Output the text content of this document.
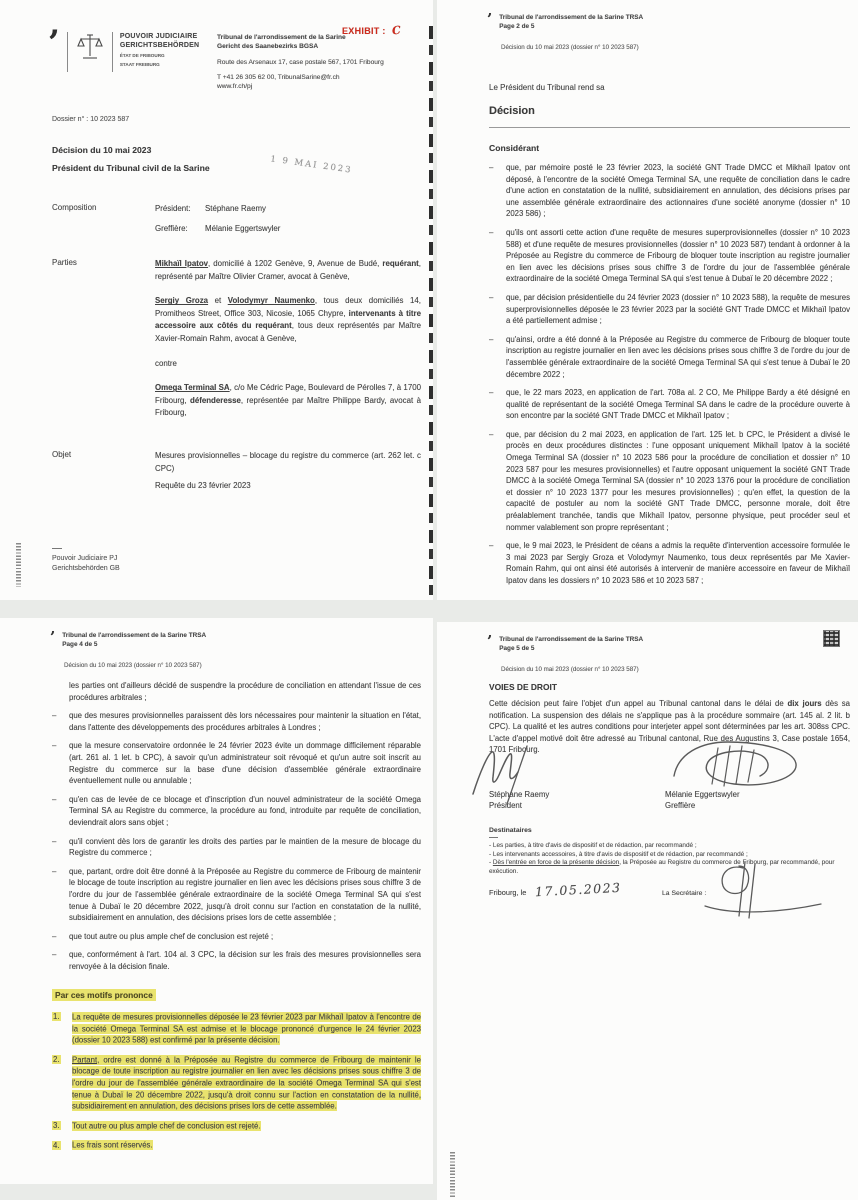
’	POUVOIR JUDICIAIRE
GERICHTSBEHÖRDEN
ÉTAT DE FRIBOURG
STAAT FREIBURG
Tribunal de l'arrondissement de la Sarine
Gericht des Saanebezirks BGSA
Route des Arsenaux 17, case postale 567, 1701 Fribourg
T +41 26 305 62 00, TribunalSarine@fr.ch
www.fr.ch/pj
EXHIBIT : C
Dossier n° : 10 2023 587
Décision du 10 mai 2023
Président du Tribunal civil de la Sarine	1 9 MAI 2023
Composition	Président:	Stéphane Raemy
Greffière:	Mélanie Eggertswyler
Parties	Mikhaïl Ipatov, domicilié à 1202 Genève, 9, Avenue de Budé, requérant, représenté par Maître Olivier Cramer, avocat à Genève,
Sergiy Groza et Volodymyr Naumenko, tous deux domiciliés 14, Promitheos Street, Office 303, Nicosie, 1065 Chypre, intervenants à titre accessoire aux côtés du requérant, tous deux représentés par Maître Xavier-Romain Rahm, avocat à Genève,
contre
Omega Terminal SA, c/o Me Cédric Page, Boulevard de Pérolles 7, à 1700 Fribourg, défenderesse, représentée par Maître Philippe Bardy, avocat à Fribourg,
Objet	Mesures provisionnelles – blocage du registre du commerce (art. 262 let. c CPC)
Requête du 23 février 2023
Pouvoir Judiciaire PJ
Gerichtsbehörden GB
’ Tribunal de l'arrondissement de la Sarine TRSA
Page 2 de 5
Décision du 10 mai 2023 (dossier n° 10 2023 587)
Le Président du Tribunal rend sa
Décision
Considérant
–	que, par mémoire posté le 23 février 2023, la société GNT Trade DMCC et Mikhaïl Ipatov ont déposé, à l'encontre de la société Omega Terminal SA, une requête de conciliation dans le cadre d'une action en constatation de la nullité, subsidiairement en annulation, des décisions prises par une assemblée générale extraordinaire des actionnaires d'une société anonyme (dossier n° 10 2023 586) ;
–	qu'ils ont assorti cette action d'une requête de mesures superprovisionnelles (dossier n° 10 2023 588) et d'une requête de mesures provisionnelles (dossier n° 10 2023 587) tendant à ordonner à la Préposée au Registre du commerce de Fribourg de bloquer toute inscription au registre journalier en lien avec les décisions prises sous chiffre 3 de l'ordre du jour de l'assemblée générale extraordinaire de la société Omega Terminal SA qui s'est tenue à Dubaï le 20 décembre 2022 ;
–	que, par décision présidentielle du 24 février 2023 (dossier n° 10 2023 588), la requête de mesures superprovisionnelles déposée le 23 février 2023 par la société GNT Trade DMCC et Mikhaïl Ipatov a été partiellement admise ;
–	qu'ainsi, ordre a été donné à la Préposée au Registre du commerce de Fribourg de bloquer toute inscription au registre journalier en lien avec les décisions prises sous chiffre 3 de l'ordre du jour de l'assemblée générale extraordinaire de la société Omega Terminal SA qui s'est tenue à Dubaï le 20 décembre 2022 ;
–	que, le 22 mars 2023, en application de l'art. 708a al. 2 CO, Me Philippe Bardy a été désigné en qualité de représentant de la société Omega Terminal SA dans le cadre de la procédure ouverte à son encontre par la société GNT Trade DMCC et Mikhaïl Ipatov ;
–	que, par décision du 2 mai 2023, en application de l'art. 125 let. b CPC, le Président a divisé le procès en deux procédures distinctes : l'une opposant uniquement Mikhaïl Ipatov à la société Omega Terminal SA (dossier n° 10 2023 586 pour la procédure de conciliation et dossier n° 10 2023 587 pour les mesures provisionnelles) et l'autre opposant uniquement la société GNT Trade DMCC à la société Omega Terminal SA (dossier n° 10 2023 1376 pour la procédure de conciliation et dossier n° 10 2023 1377 pour les mesures provisionnelles) ; qu'en effet, la question de la capacité de postuler au nom la société GNT Trade DMCC, personne morale, doit être préalablement tranchée, tandis que Mikhaïl Ipatov, personne physique, peut procéder seul et nommer valablement son propre représentant ;
–	que, le 9 mai 2023, le Président de céans a admis la requête d'intervention accessoire formulée le 3 mai 2023 par Sergiy Groza et Volodymyr Naumenko, tous deux représentés par Me Xavier-Romain Rahm, qui ont ainsi été autorisés à intervenir de manière accessoire en faveur de Mikhaïl Ipatov dans les dossiers n° 10 2023 586 et 10 2023 587 ;
’ Tribunal de l'arrondissement de la Sarine TRSA
Page 4 de 5
Décision du 10 mai 2023 (dossier n° 10 2023 587)
les parties ont d'ailleurs décidé de suspendre la procédure de conciliation en attendant l'issue de ces procédures arbitrales ;
–	que des mesures provisionnelles paraissent dès lors nécessaires pour maintenir la situation en l'état, dans l'attente des développements des procédures arbitrales à Londres ;
–	que la mesure conservatoire ordonnée le 24 février 2023 évite un dommage difficilement réparable (art. 261 al. 1 let. b CPC), à savoir qu'un administrateur soit révoqué et qu'un autre soit inscrit au Registre du commerce sur la base d'une décision d'assemblée générale extraordinaire éventuellement nulle ou annulable ;
–	qu'en cas de levée de ce blocage et d'inscription d'un nouvel administrateur de la société Omega Terminal SA au Registre du commerce, la procédure au fond, introduite par requête de conciliation, deviendrait alors sans objet ;
–	qu'il convient dès lors de garantir les droits des parties par le maintien de la mesure de blocage du Registre du commerce ;
–	que, partant, ordre doit être donné à la Préposée au Registre du commerce de Fribourg de maintenir le blocage de toute inscription au registre journalier en lien avec les décisions prises sous chiffre 3 de l'ordre du jour de l'assemblée générale extraordinaire de la société Omega Terminal SA qui s'est tenue à Dubaï le 20 décembre 2022, jusqu'à droit connu sur l'action en constatation de la nullité, subsidiairement en annulation, des décisions prises lors de cette assemblée ;
–	que tout autre ou plus ample chef de conclusion est rejeté ;
–	que, conformément à l'art. 104 al. 3 CPC, la décision sur les frais des mesures provisionnelles sera renvoyée à la décision finale.
Par ces motifs prononce
1.	La requête de mesures provisionnelles déposée le 23 février 2023 par Mikhaïl Ipatov à l'encontre de la société Omega Terminal SA est admise et le blocage prononcé d'urgence le 24 février 2023 (dossier 10 2023 588) est confirmé par la présente décision.
2.	Partant, ordre est donné à la Préposée au Registre du commerce de Fribourg de maintenir le blocage de toute inscription au registre journalier en lien avec les décisions prises sous chiffre 3 de l'ordre du jour de l'assemblée générale extraordinaire de la société Omega Terminal SA qui s'est tenue à Dubaï le 20 décembre 2022, jusqu'à droit connu sur l'action en constatation de la nullité, subsidiairement en annulation, des décisions prises lors de cette assemblée.
3.	Tout autre ou plus ample chef de conclusion est rejeté.
4.	Les frais sont réservés.
’ Tribunal de l'arrondissement de la Sarine TRSA
Page 5 de 5
Décision du 10 mai 2023 (dossier n° 10 2023 587)
VOIES DE DROIT
Cette décision peut faire l'objet d'un appel au Tribunal cantonal dans le délai de dix jours dès sa notification. La suspension des délais ne s'applique pas à la procédure sommaire (art. 145 al. 2 lit. b CPC). La qualité et les autres conditions pour interjeter appel sont déterminées par les art. 308ss CPC. L'acte d'appel motivé doit être adressé au Tribunal cantonal, Rue des Augustins 3, Case postale 1654, 1701 Fribourg.
Stéphane Raemy
Président
Mélanie Eggertswyler
Greffière
Destinataires
- Les parties, à titre d'avis de dispositif et de rédaction, par recommandé ;
- Les intervenants accessoires, à titre d'avis de dispositif et de rédaction, par recommandé ;
- Dès l'entrée en force de la présente décision, la Préposée au Registre du commerce de Fribourg, par recommandé, pour exécution.
Fribourg, le 17.05.2023	La Secrétaire :
